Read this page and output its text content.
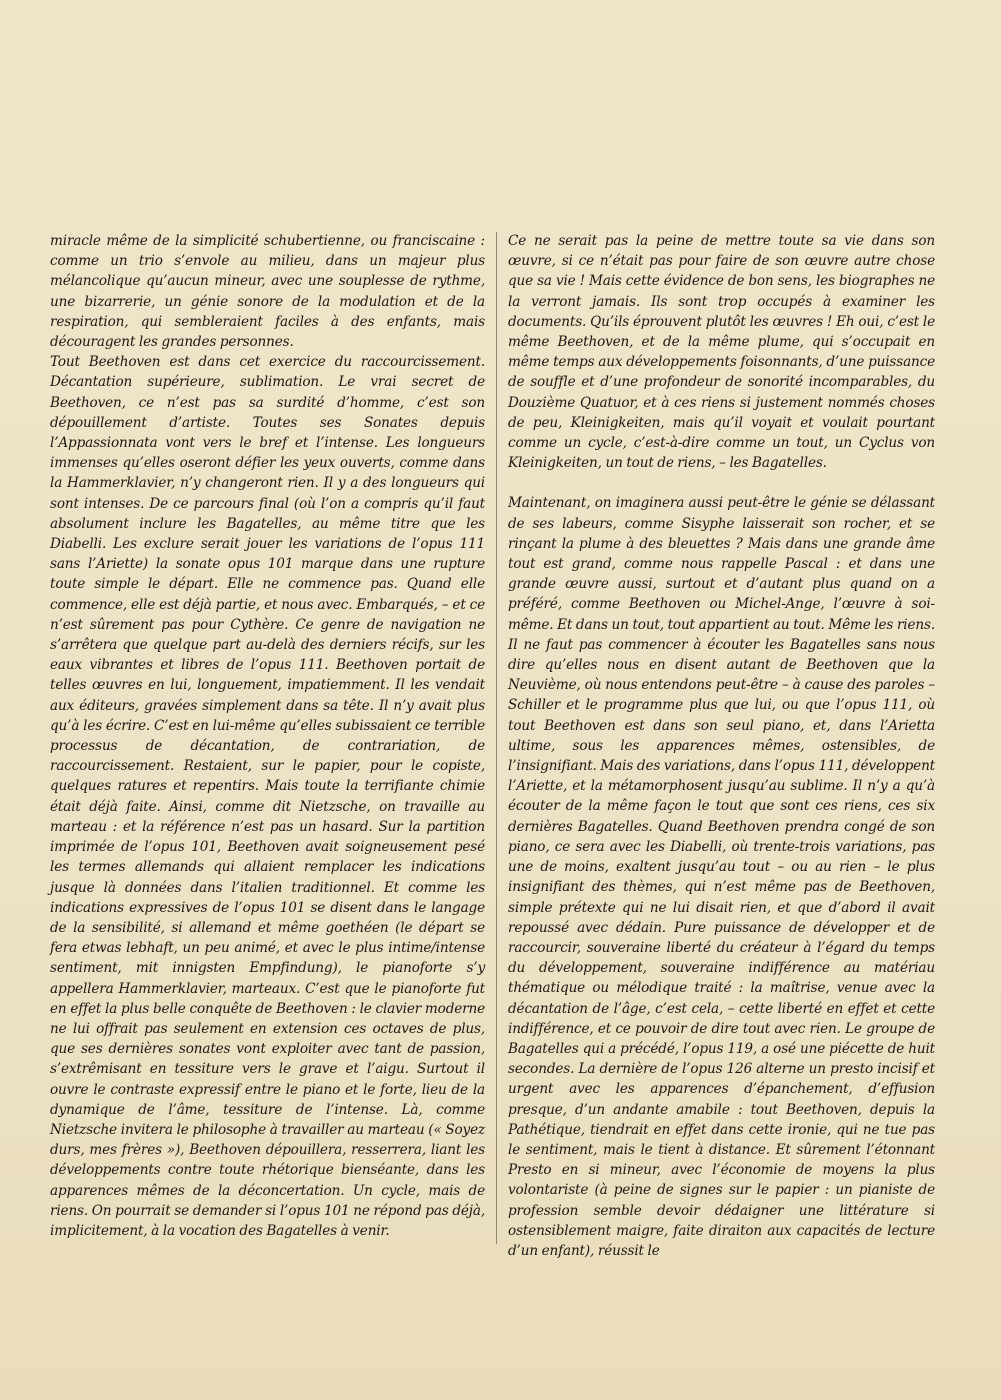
miracle même de la simplicité schubertienne, ou franciscaine : comme un trio s’envole au milieu, dans un majeur plus mélancolique qu’aucun mineur, avec une souplesse de rythme, une bizarrerie, un génie sonore de la modulation et de la respiration, qui sembleraient faciles à des enfants, mais découragent les grandes personnes.

Tout Beethoven est dans cet exercice du raccourcissement. Décantation supérieure, sublimation. Le vrai secret de Beethoven, ce n’est pas sa surdité d’homme, c’est son dépouillement d’artiste. Toutes ses Sonates depuis l’Appassionnata vont vers le bref et l’intense. Les longueurs immenses qu’elles oseront défier les yeux ouverts, comme dans la Hammerklavier, n’y changeront rien. Il y a des longueurs qui sont intenses. De ce parcours final (où l’on a compris qu’il faut absolument inclure les Bagatelles, au même titre que les Diabelli. Les exclure serait jouer les variations de l’opus 111 sans l’Ariette) la sonate opus 101 marque dans une rupture toute simple le départ. Elle ne commence pas. Quand elle commence, elle est déjà partie, et nous avec. Embarqués, – et ce n’est sûrement pas pour Cythère. Ce genre de navigation ne s’arrêtera que quelque part au-delà des derniers récifs, sur les eaux vibrantes et libres de l’opus 111. Beethoven portait de telles œuvres en lui, longuement, impatiemment. Il les vendait aux éditeurs, gravées simplement dans sa tête. Il n’y avait plus qu’à les écrire. C’est en lui-même qu’elles subissaient ce terrible processus de décantation, de contrariation, de raccourcissement. Restaient, sur le papier, pour le copiste, quelques ratures et repentirs. Mais toute la terrifiante chimie était déjà faite. Ainsi, comme dit Nietzsche, on travaille au marteau : et la référence n’est pas un hasard. Sur la partition imprimée de l’opus 101, Beethoven avait soigneusement pesé les termes allemands qui allaient remplacer les indications jusque là données dans l’italien traditionnel. Et comme les indications expressives de l’opus 101 se disent dans le langage de la sensibilité, si allemand et même goethéen (le départ se fera etwas lebhaft, un peu animé, et avec le plus intime/intense sentiment, mit innigsten Empfindung), le pianoforte s’y appellera Hammerklavier, marteaux. C’est que le pianoforte fut en effet la plus belle conquête de Beethoven : le clavier moderne ne lui offrait pas seulement en extension ces octaves de plus, que ses dernières sonates vont exploiter avec tant de passion, s’extrêmisant en tessiture vers le grave et l’aigu. Surtout il ouvre le contraste expressif entre le piano et le forte, lieu de la dynamique de l’âme, tessiture de l’intense. Là, comme Nietzsche invitera le philosophe à travailler au marteau (« Soyez durs, mes frères »), Beethoven dépouillera, resserrera, liant les développements contre toute rhétorique bienséante, dans les apparences mêmes de la déconcertation. Un cycle, mais de riens. On pourrait se demander si l’opus 101 ne répond pas déjà, implicitement, à la vocation des Bagatelles à venir.

Ce ne serait pas la peine de mettre toute sa vie dans son œuvre, si ce n’était pas pour faire de son œuvre autre chose que sa vie ! Mais cette évidence de bon sens, les biographes ne la verront jamais. Ils sont trop occupés à examiner les documents. Qu’ils éprouvent plutôt les œuvres ! Eh oui, c’est le même Beethoven, et de la même plume, qui s’occupait en même temps aux développements foisonnants, d’une puissance de souffle et d’une profondeur de sonorité incomparables, du Douzième Quatuor, et à ces riens si justement nommés choses de peu, Kleinigkeiten, mais qu’il voyait et voulait pourtant comme un cycle, c’est-à-dire comme un tout, un Cyclus von Kleinigkeiten, un tout de riens, – les Bagatelles.

Maintenant, on imaginera aussi peut-être le génie se délassant de ses labeurs, comme Sisyphe laisserait son rocher, et se rinçant la plume à des bleuettes ? Mais dans une grande âme tout est grand, comme nous rappelle Pascal : et dans une grande œuvre aussi, surtout et d’autant plus quand on a préféré, comme Beethoven ou Michel-Ange, l’œuvre à soi-même. Et dans un tout, tout appartient au tout. Même les riens. Il ne faut pas commencer à écouter les Bagatelles sans nous dire qu’elles nous en disent autant de Beethoven que la Neuvième, où nous entendons peut-être – à cause des paroles – Schiller et le programme plus que lui, ou que l’opus 111, où tout Beethoven est dans son seul piano, et, dans l’Arietta ultime, sous les apparences mêmes, ostensibles, de l’insignifiant. Mais des variations, dans l’opus 111, développent l’Ariette, et la métamorphosent jusqu’au sublime. Il n’y a qu’à écouter de la même façon le tout que sont ces riens, ces six dernières Bagatelles. Quand Beethoven prendra congé de son piano, ce sera avec les Diabelli, où trente-trois variations, pas une de moins, exaltent jusqu’au tout – ou au rien – le plus insignifiant des thèmes, qui n’est même pas de Beethoven, simple prétexte qui ne lui disait rien, et que d’abord il avait repoussé avec dédain. Pure puissance de développer et de raccourcir, souveraine liberté du créateur à l’égard du temps du développement, souveraine indifférence au matériau thématique ou mélodique traité : la maîtrise, venue avec la décantation de l’âge, c’est cela, – cette liberté en effet et cette indifférence, et ce pouvoir de dire tout avec rien. Le groupe de Bagatelles qui a précédé, l’opus 119, a osé une piécette de huit secondes. La dernière de l’opus 126 alterne un presto incisif et urgent avec les apparences d’épanchement, d’effusion presque, d’un andante amabile : tout Beethoven, depuis la Pathétique, tiendrait en effet dans cette ironie, qui ne tue pas le sentiment, mais le tient à distance. Et sûrement l’étonnant Presto en si mineur, avec l’économie de moyens la plus volontariste (à peine de signes sur le papier : un pianiste de profession semble devoir dédaigner une littérature si ostensiblement maigre, faite diraiton aux capacités de lecture d’un enfant), réussit le
